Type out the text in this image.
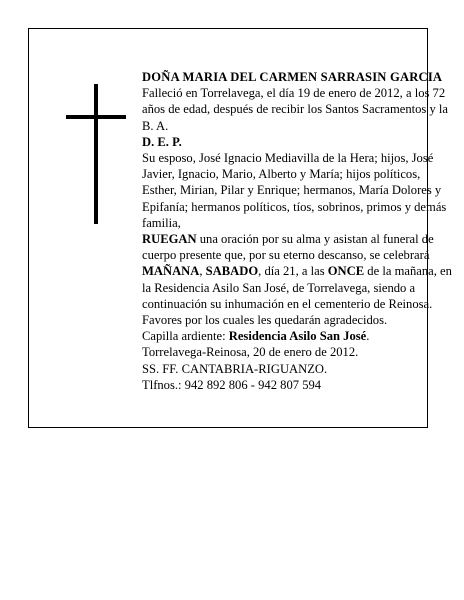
DOÑA MARIA DEL CARMEN SARRASIN GARCIA

Falleció en Torrelavega, el día 19 de enero de 2012, a los 72 años de edad, después de recibir los Santos Sacramentos y la B. A.

D. E. P.

Su esposo, José Ignacio Mediavilla de la Hera; hijos, José Javier, Ignacio, Mario, Alberto y María; hijos políticos, Esther, Mirian, Pilar y Enrique; hermanos, María Dolores y Epifanía; hermanos políticos, tíos, sobrinos, primos y demás familia,

RUEGAN una oración por su alma y asistan al funeral de cuerpo presente que, por su eterno descanso, se celebrará MAÑANA, SABADO, día 21, a las ONCE de la mañana, en la Residencia Asilo San José, de Torrelavega, siendo a continuación su inhumación en el cementerio de Reinosa. Favores por los cuales les quedarán agradecidos.

Capilla ardiente: Residencia Asilo San José.

Torrelavega-Reinosa, 20 de enero de 2012.

SS. FF. CANTABRIA-RIGUANZO.

Tlfnos.: 942 892 806 - 942 807 594
